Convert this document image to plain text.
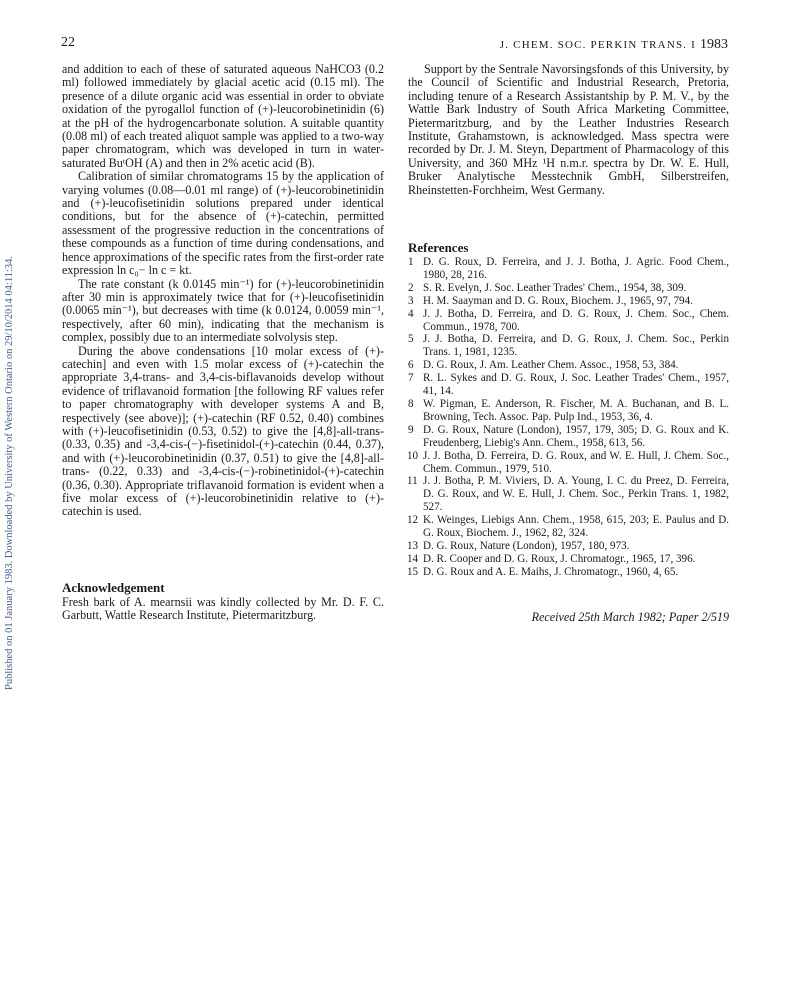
Published on 01 January 1983. Downloaded by University of Western Ontario on 29/10/2014 04:11:34.
22	J. CHEM. SOC. PERKIN TRANS. I 1983

and addition to each of these of saturated aqueous NaHCO3 (0.2 ml) followed immediately by glacial acetic acid (0.15 ml). The presence of a dilute organic acid was essential in order to obviate oxidation of the pyrogallol function of (+)-leucorobinetinidin (6) at the pH of the hydrogencarbonate solution. A suitable quantity (0.08 ml) of each treated aliquot sample was applied to a two-way paper chromatogram, which was developed in turn in water-saturated BuᵗOH (A) and then in 2% acetic acid (B).

Calibration of similar chromatograms 15 by the application of varying volumes (0.08—0.01 ml range) of (+)-leucorobinetinidin and (+)-leucofisetinidin solutions prepared under identical conditions, but for the absence of (+)-catechin, permitted assessment of the progressive reduction in the concentrations of these compounds as a function of time during condensations, and hence approximations of the specific rates from the first-order rate expression ln c₀− ln c = kt.

The rate constant (k 0.0145 min⁻¹) for (+)-leucorobinetinidin after 30 min is approximately twice that for (+)-leucofisetinidin (0.0065 min⁻¹), but decreases with time (k 0.0124, 0.0059 min⁻¹, respectively, after 60 min), indicating that the mechanism is complex, possibly due to an intermediate solvolysis step.

During the above condensations [10 molar excess of (+)-catechin] and even with 1.5 molar excess of (+)-catechin the appropriate 3,4-trans- and 3,4-cis-biflavanoids develop without evidence of triflavanoid formation [the following RF values refer to paper chromatography with developer systems A and B, respectively (see above)]; (+)-catechin (RF 0.52, 0.40) combines with (+)-leucofisetinidin (0.53, 0.52) to give the [4,8]-all-trans- (0.33, 0.35) and -3,4-cis-(−)-fisetinidol-(+)-catechin (0.44, 0.37), and with (+)-leucorobinetinidin (0.37, 0.51) to give the [4,8]-all-trans- (0.22, 0.33) and -3,4-cis-(−)-robinetinidol-(+)-catechin (0.36, 0.30). Appropriate triflavanoid formation is evident when a five molar excess of (+)-leucorobinetinidin relative to (+)-catechin is used.

Acknowledgement
Fresh bark of A. mearnsii was kindly collected by Mr. D. F. C. Garbutt, Wattle Research Institute, Pietermaritzburg.

Support by the Sentrale Navorsingsfonds of this University, by the Council of Scientific and Industrial Research, Pretoria, including tenure of a Research Assistantship by P. M. V., by the Wattle Bark Industry of South Africa Marketing Committee, Pietermaritzburg, and by the Leather Industries Research Institute, Grahamstown, is acknowledged. Mass spectra were recorded by Dr. J. M. Steyn, Department of Pharmacology of this University, and 360 MHz ¹H n.m.r. spectra by Dr. W. E. Hull, Bruker Analytische Messtechnik GmbH, Silberstreifen, Rheinstetten-Forchheim, West Germany.

References
1 D. G. Roux, D. Ferreira, and J. J. Botha, J. Agric. Food Chem., 1980, 28, 216.
2 S. R. Evelyn, J. Soc. Leather Trades' Chem., 1954, 38, 309.
3 H. M. Saayman and D. G. Roux, Biochem. J., 1965, 97, 794.
4 J. J. Botha, D. Ferreira, and D. G. Roux, J. Chem. Soc., Chem. Commun., 1978, 700.
5 J. J. Botha, D. Ferreira, and D. G. Roux, J. Chem. Soc., Perkin Trans. 1, 1981, 1235.
6 D. G. Roux, J. Am. Leather Chem. Assoc., 1958, 53, 384.
7 R. L. Sykes and D. G. Roux, J. Soc. Leather Trades' Chem., 1957, 41, 14.
8 W. Pigman, E. Anderson, R. Fischer, M. A. Buchanan, and B. L. Browning, Tech. Assoc. Pap. Pulp Ind., 1953, 36, 4.
9 D. G. Roux, Nature (London), 1957, 179, 305; D. G. Roux and K. Freudenberg, Liebig's Ann. Chem., 1958, 613, 56.
10 J. J. Botha, D. Ferreira, D. G. Roux, and W. E. Hull, J. Chem. Soc., Chem. Commun., 1979, 510.
11 J. J. Botha, P. M. Viviers, D. A. Young, I. C. du Preez, D. Ferreira, D. G. Roux, and W. E. Hull, J. Chem. Soc., Perkin Trans. 1, 1982, 527.
12 K. Weinges, Liebigs Ann. Chem., 1958, 615, 203; E. Paulus and D. G. Roux, Biochem. J., 1962, 82, 324.
13 D. G. Roux, Nature (London), 1957, 180, 973.
14 D. R. Cooper and D. G. Roux, J. Chromatogr., 1965, 17, 396.
15 D. G. Roux and A. E. Maihs, J. Chromatogr., 1960, 4, 65.
Received 25th March 1982; Paper 2/519
